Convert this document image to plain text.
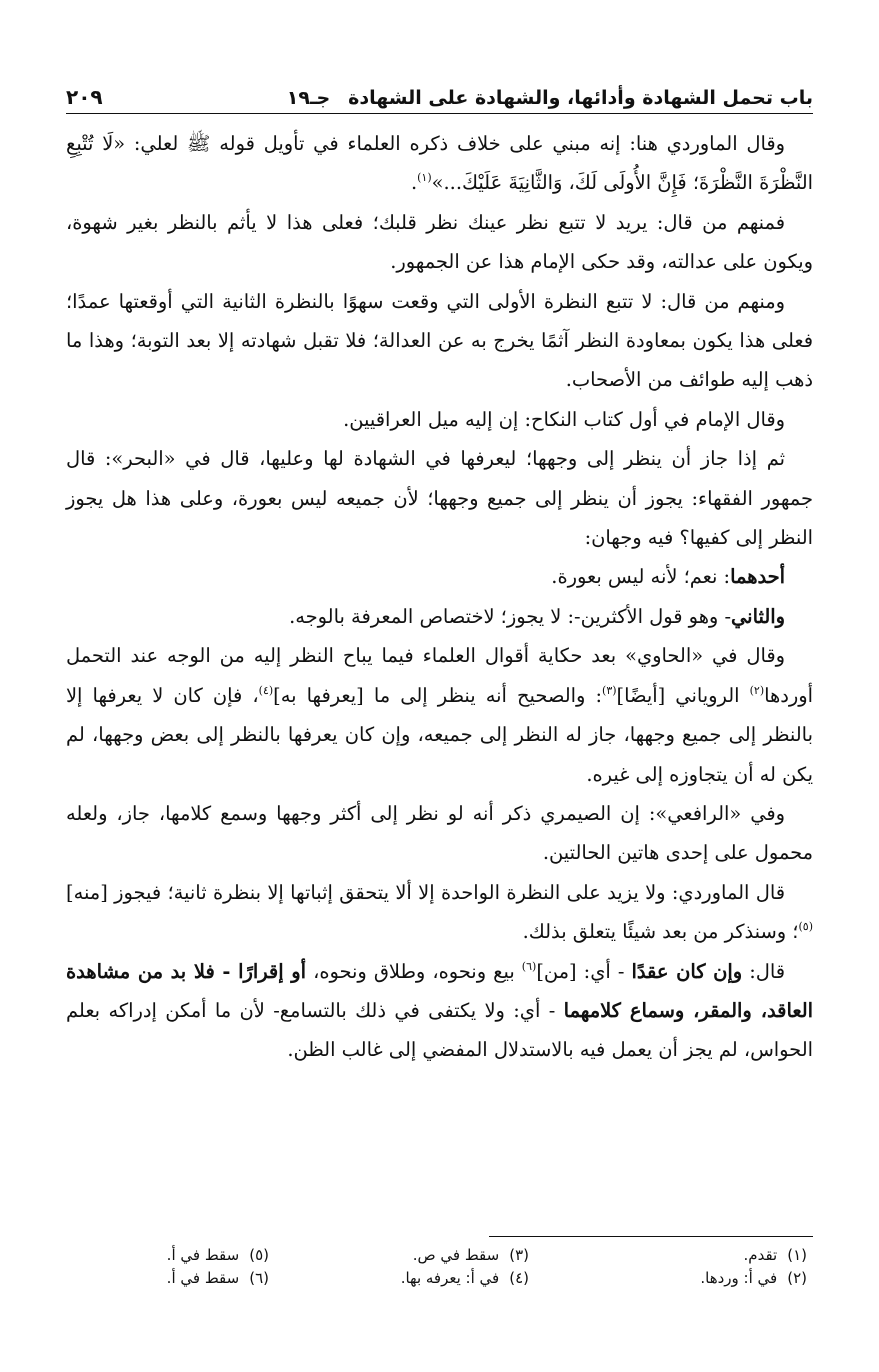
باب تحمل الشهادة وأدائها، والشهادة على الشهادةجـ١٩
٢٠٩

وقال الماوردي هنا: إنه مبني على خلاف ذكره العلماء في تأويل قوله ﷺ لعلي: «لَا تُتْبِعِ النَّظْرَةَ النَّظْرَةَ؛ فَإِنَّ الأُولَى لَكَ، وَالثَّانِيَةَ عَلَيْكَ...»$^{(١)}$.

فمنهم من قال: يريد لا تتبع نظر عينك نظر قلبك؛ فعلى هذا لا يأثم بالنظر بغير شهوة، ويكون على عدالته، وقد حكى الإمام هذا عن الجمهور.

ومنهم من قال: لا تتبع النظرة الأولى التي وقعت سهوًا بالنظرة الثانية التي أوقعتها عمدًا؛ فعلى هذا يكون بمعاودة النظر آثمًا يخرج به عن العدالة؛ فلا تقبل شهادته إلا بعد التوبة؛ وهذا ما ذهب إليه طوائف من الأصحاب.

وقال الإمام في أول كتاب النكاح: إن إليه ميل العراقيين.

ثم إذا جاز أن ينظر إلى وجهها؛ ليعرفها في الشهادة لها وعليها، قال في «البحر»: قال جمهور الفقهاء: يجوز أن ينظر إلى جميع وجهها؛ لأن جميعه ليس بعورة، وعلى هذا هل يجوز النظر إلى كفيها؟ فيه وجهان:

أحدهما: نعم؛ لأنه ليس بعورة.

والثاني- وهو قول الأكثرين-: لا يجوز؛ لاختصاص المعرفة بالوجه.

وقال في «الحاوي» بعد حكاية أقوال العلماء فيما يباح النظر إليه من الوجه عند التحمل أوردها$^{(٢)}$ الروياني [أيضًا]$^{(٣)}$: والصحيح أنه ينظر إلى ما [يعرفها به]$^{(٤)}$، فإن كان لا يعرفها إلا بالنظر إلى جميع وجهها، جاز له النظر إلى جميعه، وإن كان يعرفها بالنظر إلى بعض وجهها، لم يكن له أن يتجاوزه إلى غيره.

وفي «الرافعي»: إن الصيمري ذكر أنه لو نظر إلى أكثر وجهها وسمع كلامها، جاز، ولعله محمول على إحدى هاتين الحالتين.

قال الماوردي: ولا يزيد على النظرة الواحدة إلا ألا يتحقق إثباتها إلا بنظرة ثانية؛ فيجوز [منه]$^{(٥)}$؛ وسنذكر من بعد شيئًا يتعلق بذلك.

قال: وإن كان عقدًا - أي: [من]$^{(٦)}$ بيع ونحوه، وطلاق ونحوه، أو إقرارًا - فلا بد من مشاهدة العاقد، والمقر، وسماع كلامهما - أي: ولا يكتفى في ذلك بالتسامع- لأن ما أمكن إدراكه بعلم الحواس، لم يجز أن يعمل فيه بالاستدلال المفضي إلى غالب الظن.

(١)تقدم.
(٣)سقط في ص.
(٥)سقط في أ.
(٢)في أ: وردها.
(٤)في أ: يعرفه بها.
(٦)سقط في أ.
